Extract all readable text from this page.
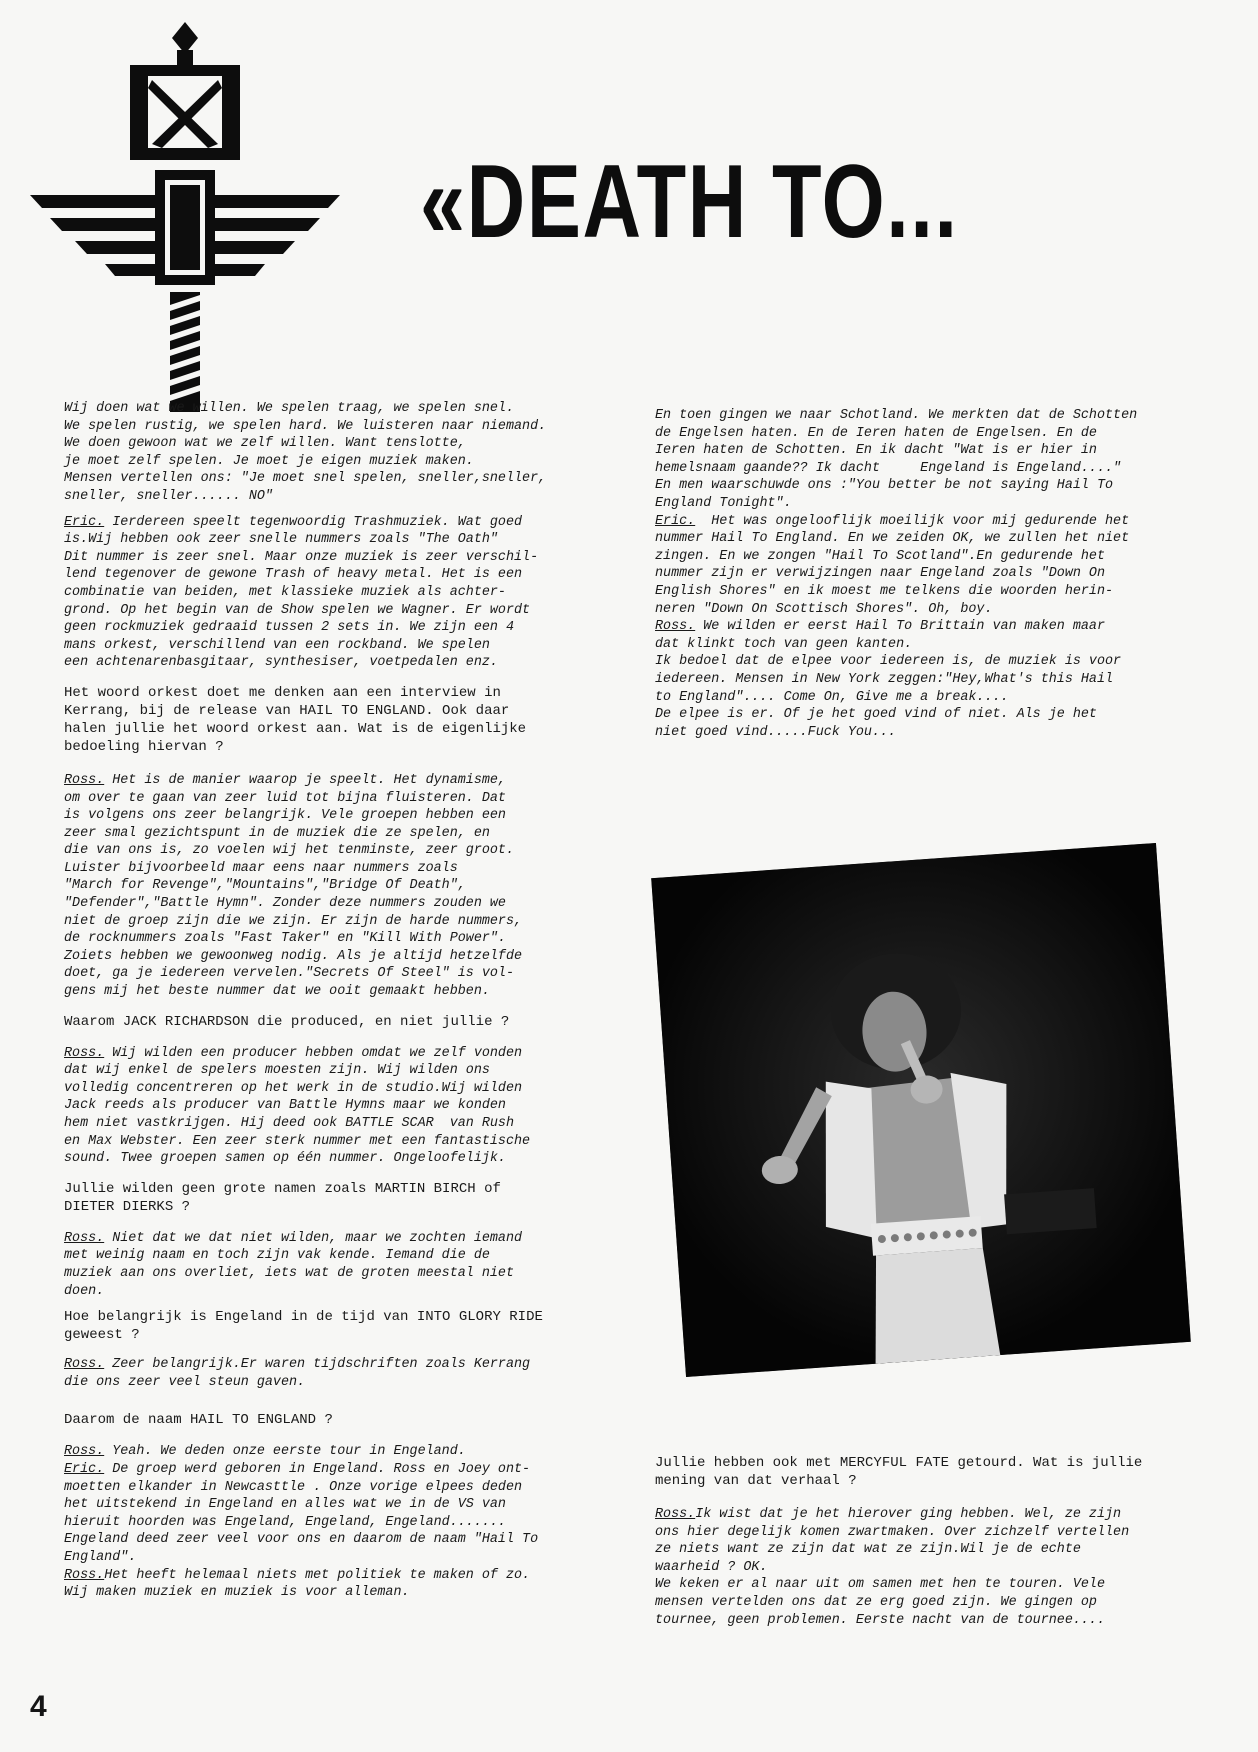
«DEATH TO...
Wij doen wat we willen. We spelen traag, we spelen snel.
We spelen rustig, we spelen hard. We luisteren naar niemand.
We doen gewoon wat we zelf willen. Want tenslotte,
je moet zelf spelen. Je moet je eigen muziek maken.
Mensen vertellen ons: "Je moet snel spelen, sneller,sneller,
sneller, sneller...... NO"
Eric. Ierdereen speelt tegenwoordig Trashmuziek. Wat goed
is.Wij hebben ook zeer snelle nummers zoals "The Oath"
Dit nummer is zeer snel. Maar onze muziek is zeer verschil-
lend tegenover de gewone Trash of heavy metal. Het is een
combinatie van beiden, met klassieke muziek als achter-
grond. Op het begin van de Show spelen we Wagner. Er wordt
geen rockmuziek gedraaid tussen 2 sets in. We zijn een 4
mans orkest, verschillend van een rockband. We spelen
een achtenarenbasgitaar, synthesiser, voetpedalen enz.
Het woord orkest doet me denken aan een interview in
Kerrang, bij de release van HAIL TO ENGLAND. Ook daar
halen jullie het woord orkest aan. Wat is de eigenlijke
bedoeling hiervan ?
Ross. Het is de manier waarop je speelt. Het dynamisme,
om over te gaan van zeer luid tot bijna fluisteren. Dat
is volgens ons zeer belangrijk. Vele groepen hebben een
zeer smal gezichtspunt in de muziek die ze spelen, en
die van ons is, zo voelen wij het tenminste, zeer groot.
Luister bijvoorbeeld maar eens naar nummers zoals
"March for Revenge","Mountains","Bridge Of Death",
"Defender","Battle Hymn". Zonder deze nummers zouden we
niet de groep zijn die we zijn. Er zijn de harde nummers,
de rocknummers zoals "Fast Taker" en "Kill With Power".
Zoiets hebben we gewoonweg nodig. Als je altijd hetzelfde
doet, ga je iedereen vervelen."Secrets Of Steel" is vol-
gens mij het beste nummer dat we ooit gemaakt hebben.
Waarom JACK RICHARDSON die produced, en niet jullie ?
Ross. Wij wilden een producer hebben omdat we zelf vonden
dat wij enkel de spelers moesten zijn. Wij wilden ons
volledig concentreren op het werk in de studio.Wij wilden
Jack reeds als producer van Battle Hymns maar we konden
hem niet vastkrijgen. Hij deed ook BATTLE SCAR  van Rush
en Max Webster. Een zeer sterk nummer met een fantastische
sound. Twee groepen samen op één nummer. Ongeloofelijk.
Jullie wilden geen grote namen zoals MARTIN BIRCH of
DIETER DIERKS ?
Ross. Niet dat we dat niet wilden, maar we zochten iemand
met weinig naam en toch zijn vak kende. Iemand die de
muziek aan ons overliet, iets wat de groten meestal niet
doen.
Hoe belangrijk is Engeland in de tijd van INTO GLORY RIDE
geweest ?
Ross. Zeer belangrijk.Er waren tijdschriften zoals Kerrang
die ons zeer veel steun gaven.
Daarom de naam HAIL TO ENGLAND ?
Ross. Yeah. We deden onze eerste tour in Engeland.
Eric. De groep werd geboren in Engeland. Ross en Joey ont-
moetten elkander in Newcasttle . Onze vorige elpees deden
het uitstekend in Engeland en alles wat we in de VS van
hieruit hoorden was Engeland, Engeland, Engeland.......
Engeland deed zeer veel voor ons en daarom de naam "Hail To
England".
Ross.Het heeft helemaal niets met politiek te maken of zo.
Wij maken muziek en muziek is voor alleman.
En toen gingen we naar Schotland. We merkten dat de Schotten
de Engelsen haten. En de Ieren haten de Engelsen. En de
Ieren haten de Schotten. En ik dacht "Wat is er hier in
hemelsnaam gaande?? Ik dacht     Engeland is Engeland...."
En men waarschuwde ons :"You better be not saying Hail To
England Tonight".
Eric.  Het was ongelooflijk moeilijk voor mij gedurende het
nummer Hail To England. En we zeiden OK, we zullen het niet
zingen. En we zongen "Hail To Scotland".En gedurende het
nummer zijn er verwijzingen naar Engeland zoals "Down On
English Shores" en ik moest me telkens die woorden herin-
neren "Down On Scottisch Shores". Oh, boy.
Ross. We wilden er eerst Hail To Brittain van maken maar
dat klinkt toch van geen kanten.
Ik bedoel dat de elpee voor iedereen is, de muziek is voor
iedereen. Mensen in New York zeggen:"Hey,What's this Hail
to England".... Come On, Give me a break....
De elpee is er. Of je het goed vind of niet. Als je het
niet goed vind.....Fuck You...
Jullie hebben ook met MERCYFUL FATE getourd. Wat is jullie
mening van dat verhaal ?
Ross.Ik wist dat je het hierover ging hebben. Wel, ze zijn
ons hier degelijk komen zwartmaken. Over zichzelf vertellen
ze niets want ze zijn dat wat ze zijn.Wil je de echte
waarheid ? OK.
We keken er al naar uit om samen met hen te touren. Vele
mensen vertelden ons dat ze erg goed zijn. We gingen op
tournee, geen problemen. Eerste nacht van de tournee....
4
